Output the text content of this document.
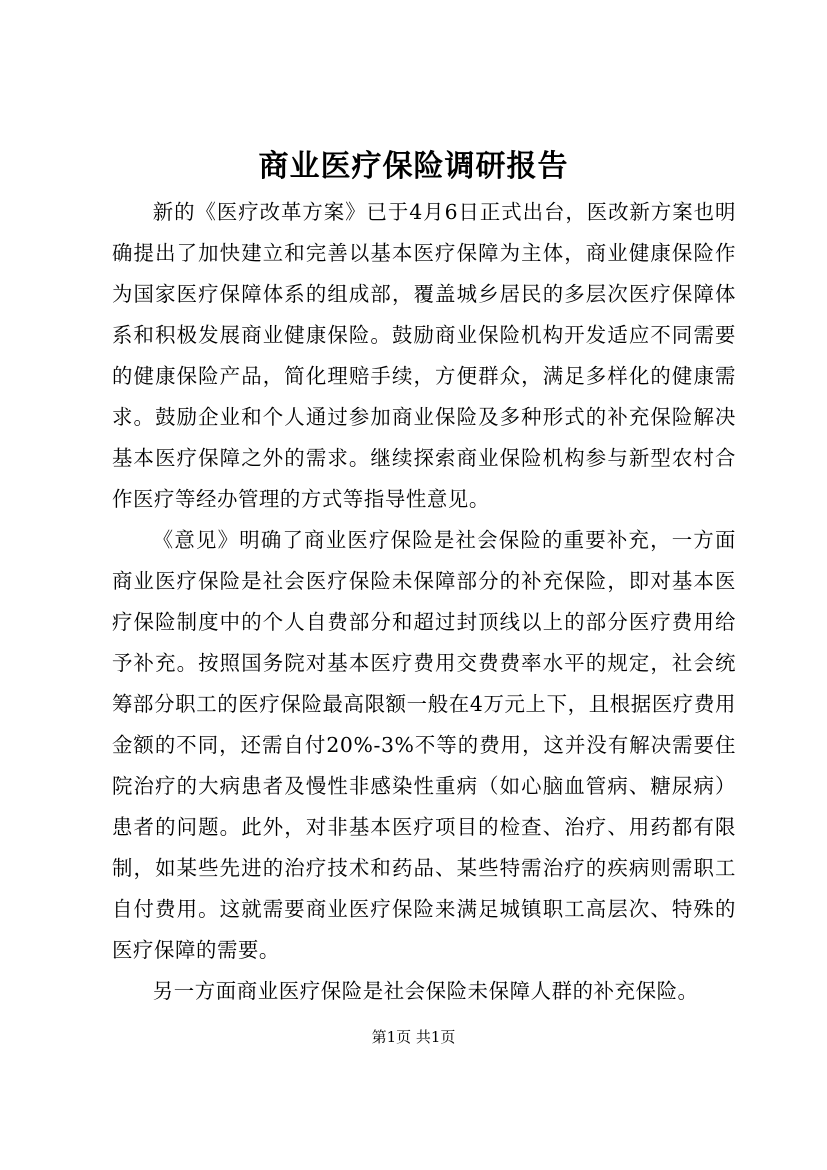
商业医疗保险调研报告

新的《医疗改革方案》已于4月6日正式出台，医改新方案也明确提出了加快建立和完善以基本医疗保障为主体，商业健康保险作为国家医疗保障体系的组成部，覆盖城乡居民的多层次医疗保障体系和积极发展商业健康保险。鼓励商业保险机构开发适应不同需要的健康保险产品，简化理赔手续，方便群众，满足多样化的健康需求。鼓励企业和个人通过参加商业保险及多种形式的补充保险解决基本医疗保障之外的需求。继续探索商业保险机构参与新型农村合作医疗等经办管理的方式等指导性意见。

《意见》明确了商业医疗保险是社会保险的重要补充，一方面商业医疗保险是社会医疗保险未保障部分的补充保险，即对基本医疗保险制度中的个人自费部分和超过封顶线以上的部分医疗费用给予补充。按照国务院对基本医疗费用交费费率水平的规定，社会统筹部分职工的医疗保险最高限额一般在4万元上下，且根据医疗费用金额的不同，还需自付20%-3%不等的费用，这并没有解决需要住院治疗的大病患者及慢性非感染性重病（如心脑血管病、糖尿病）患者的问题。此外，对非基本医疗项目的检查、治疗、用药都有限制，如某些先进的治疗技术和药品、某些特需治疗的疾病则需职工自付费用。这就需要商业医疗保险来满足城镇职工高层次、特殊的医疗保障的需要。

另一方面商业医疗保险是社会保险未保障人群的补充保险。

第1页 共1页
